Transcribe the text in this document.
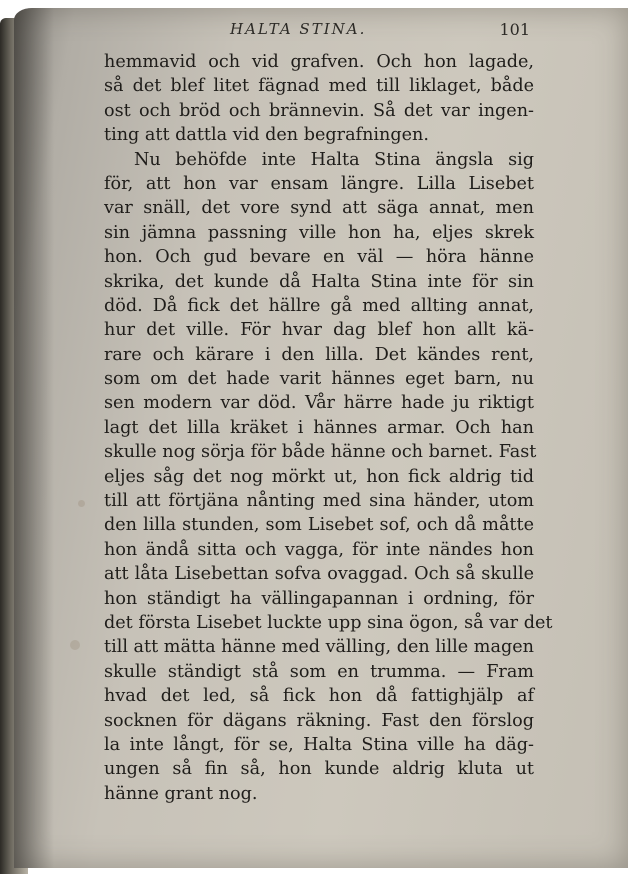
HALTA STINA.	101
hemmavid och vid grafven. Och hon lagade,
så det blef litet fägnad med till liklaget, både
ost och bröd och brännevin. Så det var ingen-
ting att dattla vid den begrafningen.
Nu behöfde inte Halta Stina ängsla sig
för, att hon var ensam längre. Lilla Lisebet
var snäll, det vore synd att säga annat, men
sin jämna passning ville hon ha, eljes skrek
hon. Och gud bevare en väl — höra hänne
skrika, det kunde då Halta Stina inte för sin
död. Då fick det hällre gå med allting annat,
hur det ville. För hvar dag blef hon allt kä-
rare och kärare i den lilla. Det kändes rent,
som om det hade varit hännes eget barn, nu
sen modern var död. Vår härre hade ju riktigt
lagt det lilla kräket i hännes armar. Och han
skulle nog sörja för både hänne och barnet. Fast
eljes såg det nog mörkt ut, hon fick aldrig tid
till att förtjäna nånting med sina händer, utom
den lilla stunden, som Lisebet sof, och då måtte
hon ändå sitta och vagga, för inte nändes hon
att låta Lisebettan sofva ovaggad. Och så skulle
hon ständigt ha vällingapannan i ordning, för
det första Lisebet luckte upp sina ögon, så var det
till att mätta hänne med välling, den lille magen
skulle ständigt stå som en trumma. — Fram
hvad det led, så fick hon då fattighjälp af
socknen för dägans räkning. Fast den förslog
la inte långt, för se, Halta Stina ville ha däg-
ungen så fin så, hon kunde aldrig kluta ut
hänne grant nog.
